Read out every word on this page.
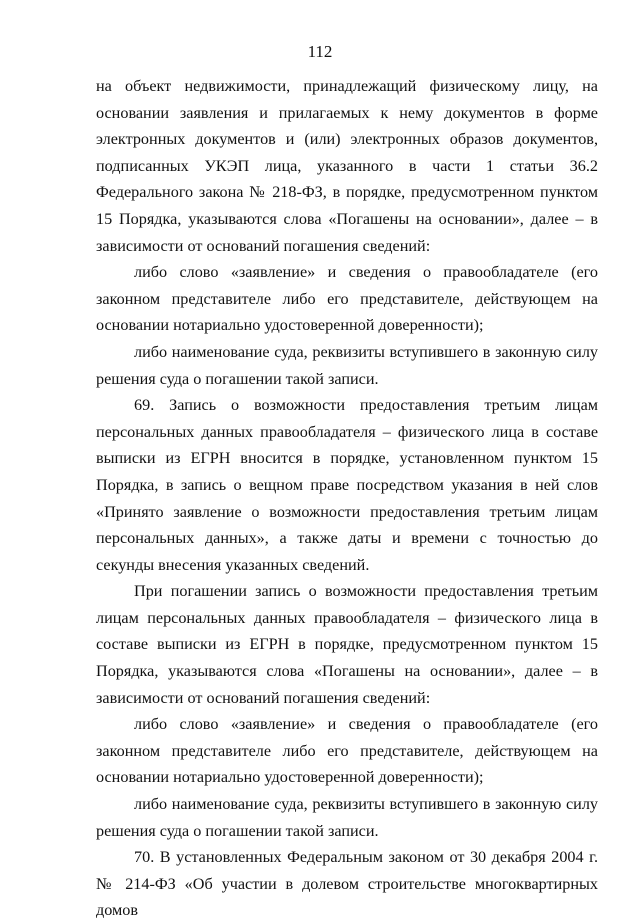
112

на объект недвижимости, принадлежащий физическому лицу, на основании заявления и прилагаемых к нему документов в форме электронных документов и (или) электронных образов документов, подписанных УКЭП лица, указанного в части 1 статьи 36.2 Федерального закона № 218-ФЗ, в порядке, предусмотренном пунктом 15 Порядка, указываются слова «Погашены на основании», далее – в зависимости от оснований погашения сведений:

либо слово «заявление» и сведения о правообладателе (его законном представителе либо его представителе, действующем на основании нотариально удостоверенной доверенности);

либо наименование суда, реквизиты вступившего в законную силу решения суда о погашении такой записи.

69. Запись о возможности предоставления третьим лицам персональных данных правообладателя – физического лица в составе выписки из ЕГРН вносится в порядке, установленном пунктом 15 Порядка, в запись о вещном праве посредством указания в ней слов «Принято заявление о возможности предоставления третьим лицам персональных данных», а также даты и времени с точностью до секунды внесения указанных сведений.

При погашении запись о возможности предоставления третьим лицам персональных данных правообладателя – физического лица в составе выписки из ЕГРН в порядке, предусмотренном пунктом 15 Порядка, указываются слова «Погашены на основании», далее – в зависимости от оснований погашения сведений:

либо слово «заявление» и сведения о правообладателе (его законном представителе либо его представителе, действующем на основании нотариально удостоверенной доверенности);

либо наименование суда, реквизиты вступившего в законную силу решения суда о погашении такой записи.

70. В установленных Федеральным законом от 30 декабря 2004 г. № 214-ФЗ «Об участии в долевом строительстве многоквартирных домов
